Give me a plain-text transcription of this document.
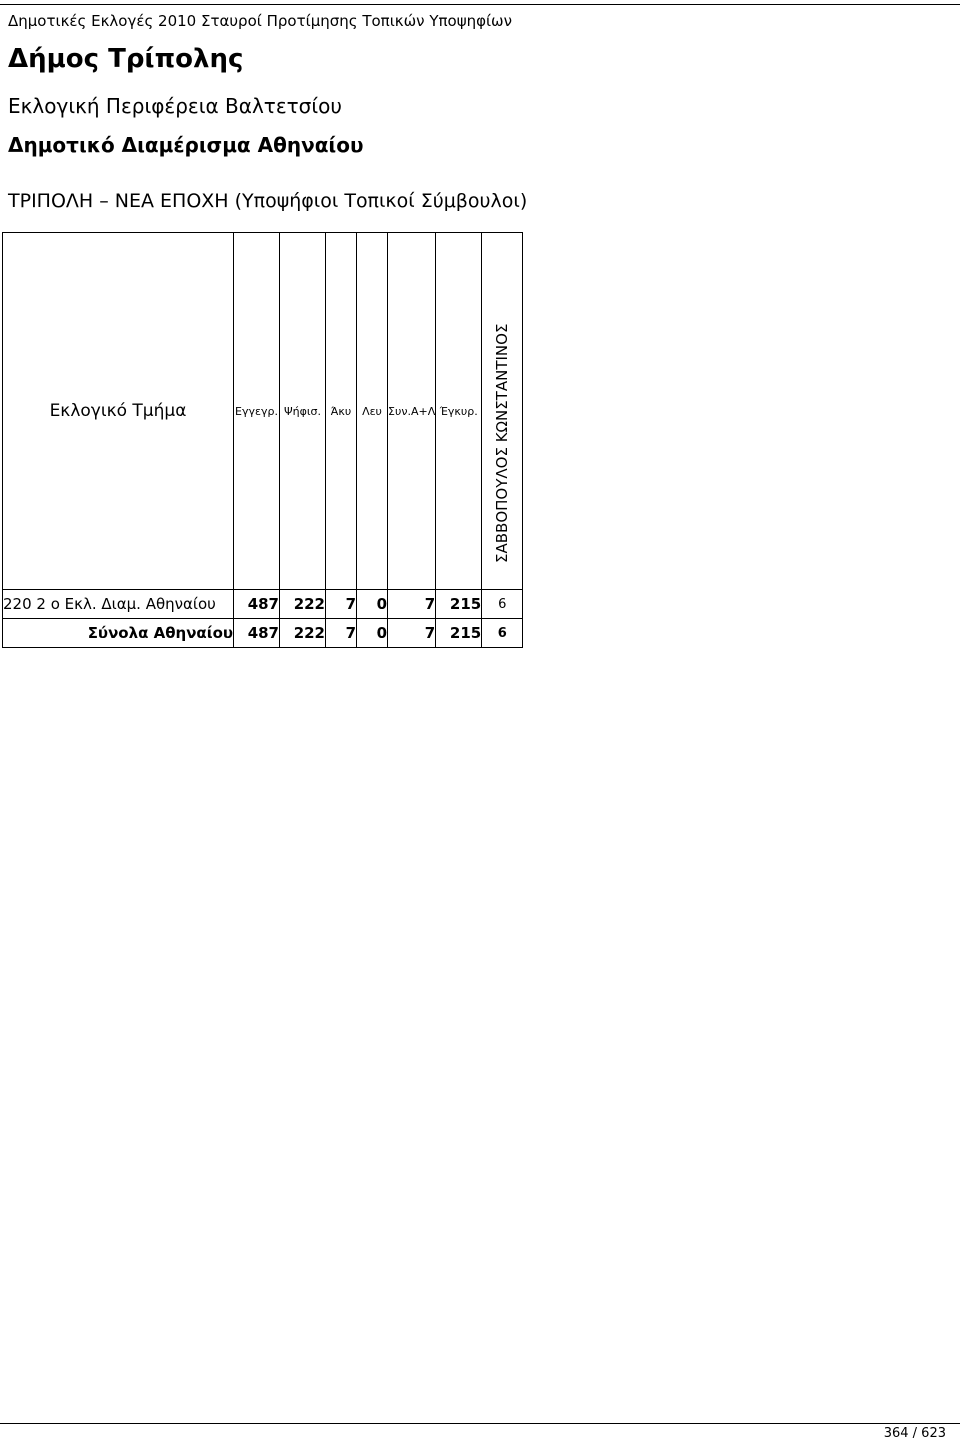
Δημοτικές Εκλογές 2010 Σταυροί Προτίμησης Τοπικών Υποψηφίων
Δήμος Τρίπολης
Εκλογική Περιφέρεια Βαλτετσίου
Δημοτικό Διαμέρισμα Αθηναίου
ΤΡΙΠΟΛΗ – ΝΕΑ ΕΠΟΧΗ (Υποψήφιοι Τοπικοί Σύμβουλοι)
Εκλογικό Τμήμα	Εγγεγρ.	Ψήφισ.	Άκυ	Λευ	Συν.Α+Λ	Έγκυρ.	ΣΑΒΒΟΠΟΥΛΟΣ ΚΩΝΣΤΑΝΤΙΝΟΣ

220 2 ο Εκλ. Διαμ. Αθηναίου	487	222	7	0	7	215	6
Σύνολα Αθηναίου	487	222	7	0	7	215	6
364 / 623
